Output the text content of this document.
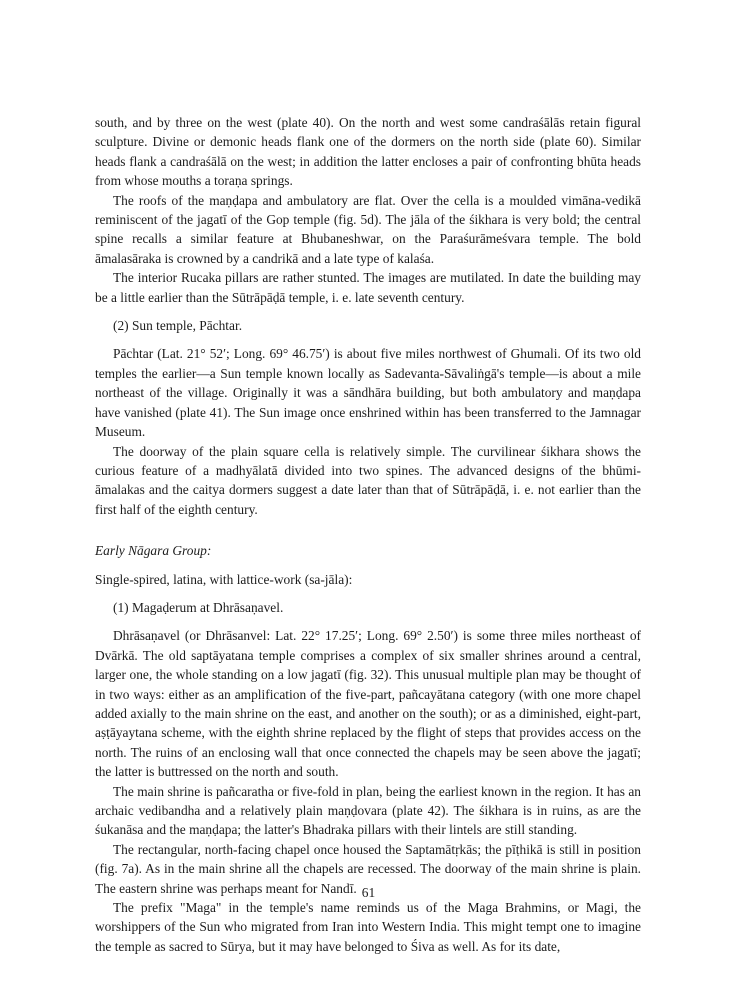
south, and by three on the west (plate 40). On the north and west some candraśālās retain figural sculpture. Divine or demonic heads flank one of the dormers on the north side (plate 60). Similar heads flank a candraśālā on the west; in addition the latter encloses a pair of confronting bhūta heads from whose mouths a toraṇa springs.

The roofs of the maṇḍapa and ambulatory are flat. Over the cella is a moulded vimāna-vedikā reminiscent of the jagatī of the Gop temple (fig. 5d). The jāla of the śikhara is very bold; the central spine recalls a similar feature at Bhubaneshwar, on the Paraśurāmeśvara temple. The bold āmalasāraka is crowned by a candrikā and a late type of kalaśa.

The interior Rucaka pillars are rather stunted. The images are mutilated. In date the building may be a little earlier than the Sūtrāpāḍā temple, i. e. late seventh century.

(2) Sun temple, Pāchtar.

Pāchtar (Lat. 21° 52′; Long. 69° 46.75′) is about five miles northwest of Ghumali. Of its two old temples the earlier—a Sun temple known locally as Sadevanta-Sāvaliṅgā's temple—is about a mile northeast of the village. Originally it was a sāndhāra building, but both ambulatory and maṇḍapa have vanished (plate 41). The Sun image once enshrined within has been transferred to the Jamnagar Museum.

The doorway of the plain square cella is relatively simple. The curvilinear śikhara shows the curious feature of a madhyālatā divided into two spines. The advanced designs of the bhūmi-āmalakas and the caitya dormers suggest a date later than that of Sūtrāpāḍā, i. e. not earlier than the first half of the eighth century.

Early Nāgara Group:

Single-spired, latina, with lattice-work (sa-jāla):

(1) Magaḍerum at Dhrāsaṇavel.

Dhrāsaṇavel (or Dhrāsanvel: Lat. 22° 17.25′; Long. 69° 2.50′) is some three miles northeast of Dvārkā. The old saptāyatana temple comprises a complex of six smaller shrines around a central, larger one, the whole standing on a low jagatī (fig. 32). This unusual multiple plan may be thought of in two ways: either as an amplification of the five-part, pañcayātana category (with one more chapel added axially to the main shrine on the east, and another on the south); or as a diminished, eight-part, aṣṭāyaytana scheme, with the eighth shrine replaced by the flight of steps that provides access on the north. The ruins of an enclosing wall that once connected the chapels may be seen above the jagatī; the latter is buttressed on the north and south.

The main shrine is pañcaratha or five-fold in plan, being the earliest known in the region. It has an archaic vedibandha and a relatively plain maṇḍovara (plate 42). The śikhara is in ruins, as are the śukanāsa and the maṇḍapa; the latter's Bhadraka pillars with their lintels are still standing.

The rectangular, north-facing chapel once housed the Saptamātṛkās; the pīṭhikā is still in position (fig. 7a). As in the main shrine all the chapels are recessed. The doorway of the main shrine is plain. The eastern shrine was perhaps meant for Nandī.

The prefix "Maga" in the temple's name reminds us of the Maga Brahmins, or Magi, the worshippers of the Sun who migrated from Iran into Western India. This might tempt one to imagine the temple as sacred to Sūrya, but it may have belonged to Śiva as well. As for its date,

61
